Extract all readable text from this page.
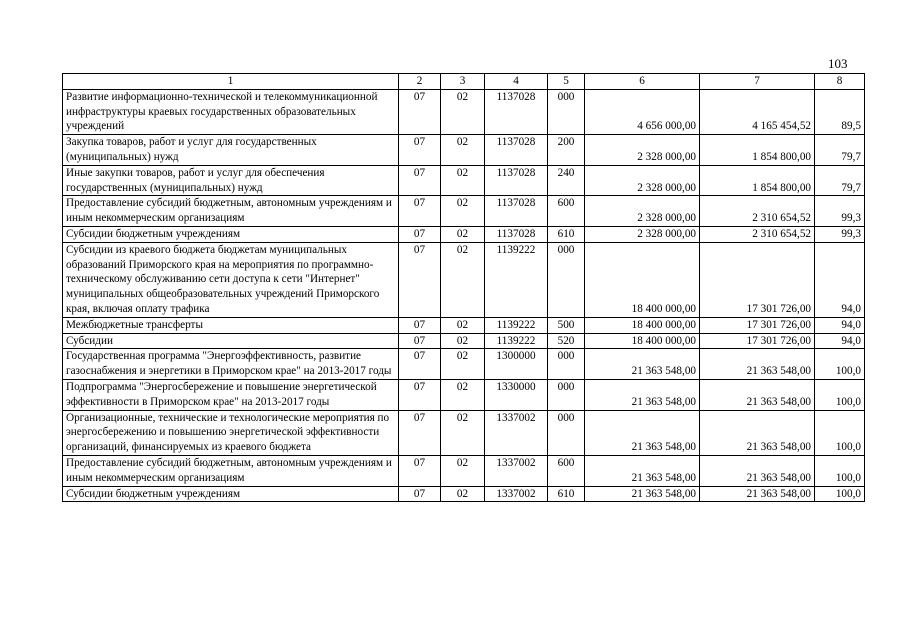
103
1	2	3	4	5	6	7	8
Развитие информационно-технической и телекоммуникационной инфраструктуры краевых государственных образовательных учреждений	07	02	1137028	000	4 656 000,00	4 165 454,52	89,5
Закупка товаров, работ и услуг для государственных (муниципальных) нужд	07	02	1137028	200	2 328 000,00	1 854 800,00	79,7
Иные закупки товаров, работ и услуг для обеспечения государственных (муниципальных) нужд	07	02	1137028	240	2 328 000,00	1 854 800,00	79,7
Предоставление субсидий бюджетным, автономным учреждениям и иным некоммерческим организациям	07	02	1137028	600	2 328 000,00	2 310 654,52	99,3
Субсидии бюджетным учреждениям	07	02	1137028	610	2 328 000,00	2 310 654,52	99,3
Субсидии из краевого бюджета бюджетам муниципальных образований Приморского края на мероприятия по программно-техническому обслуживанию сети доступа к сети "Интернет" муниципальных общеобразовательных учреждений Приморского края, включая оплату трафика	07	02	1139222	000	18 400 000,00	17 301 726,00	94,0
Межбюджетные трансферты	07	02	1139222	500	18 400 000,00	17 301 726,00	94,0
Субсидии	07	02	1139222	520	18 400 000,00	17 301 726,00	94,0
Государственная программа "Энергоэффективность, развитие газоснабжения и энергетики в Приморском крае" на 2013-2017 годы	07	02	1300000	000	21 363 548,00	21 363 548,00	100,0
Подпрограмма "Энергосбережение и повышение энергетической эффективности в Приморском крае" на 2013-2017 годы	07	02	1330000	000	21 363 548,00	21 363 548,00	100,0
Организационные, технические и технологические мероприятия по энергосбережению и повышению энергетической эффективности организаций, финансируемых из краевого бюджета	07	02	1337002	000	21 363 548,00	21 363 548,00	100,0
Предоставление субсидий бюджетным, автономным учреждениям и иным некоммерческим организациям	07	02	1337002	600	21 363 548,00	21 363 548,00	100,0
Субсидии бюджетным учреждениям	07	02	1337002	610	21 363 548,00	21 363 548,00	100,0
